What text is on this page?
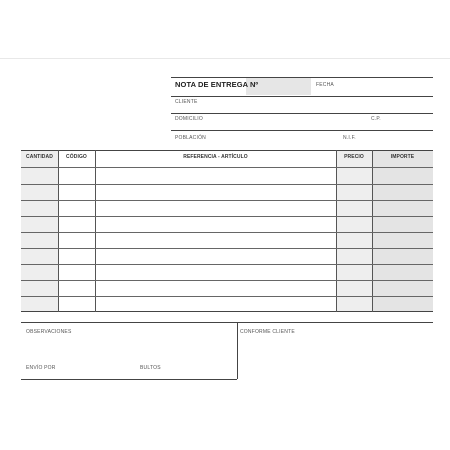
NOTA DE ENTREGA Nº	FECHA
CLIENTE
DOMICILIO	C.P.
POBLACIÓN	N.I.F.
CANTIDAD	CÓDIGO	REFERENCIA - ARTÍCULO	PRECIO	IMPORTE
OBSERVACIONES
ENVÍO POR	BULTOS
CONFORME CLIENTE
